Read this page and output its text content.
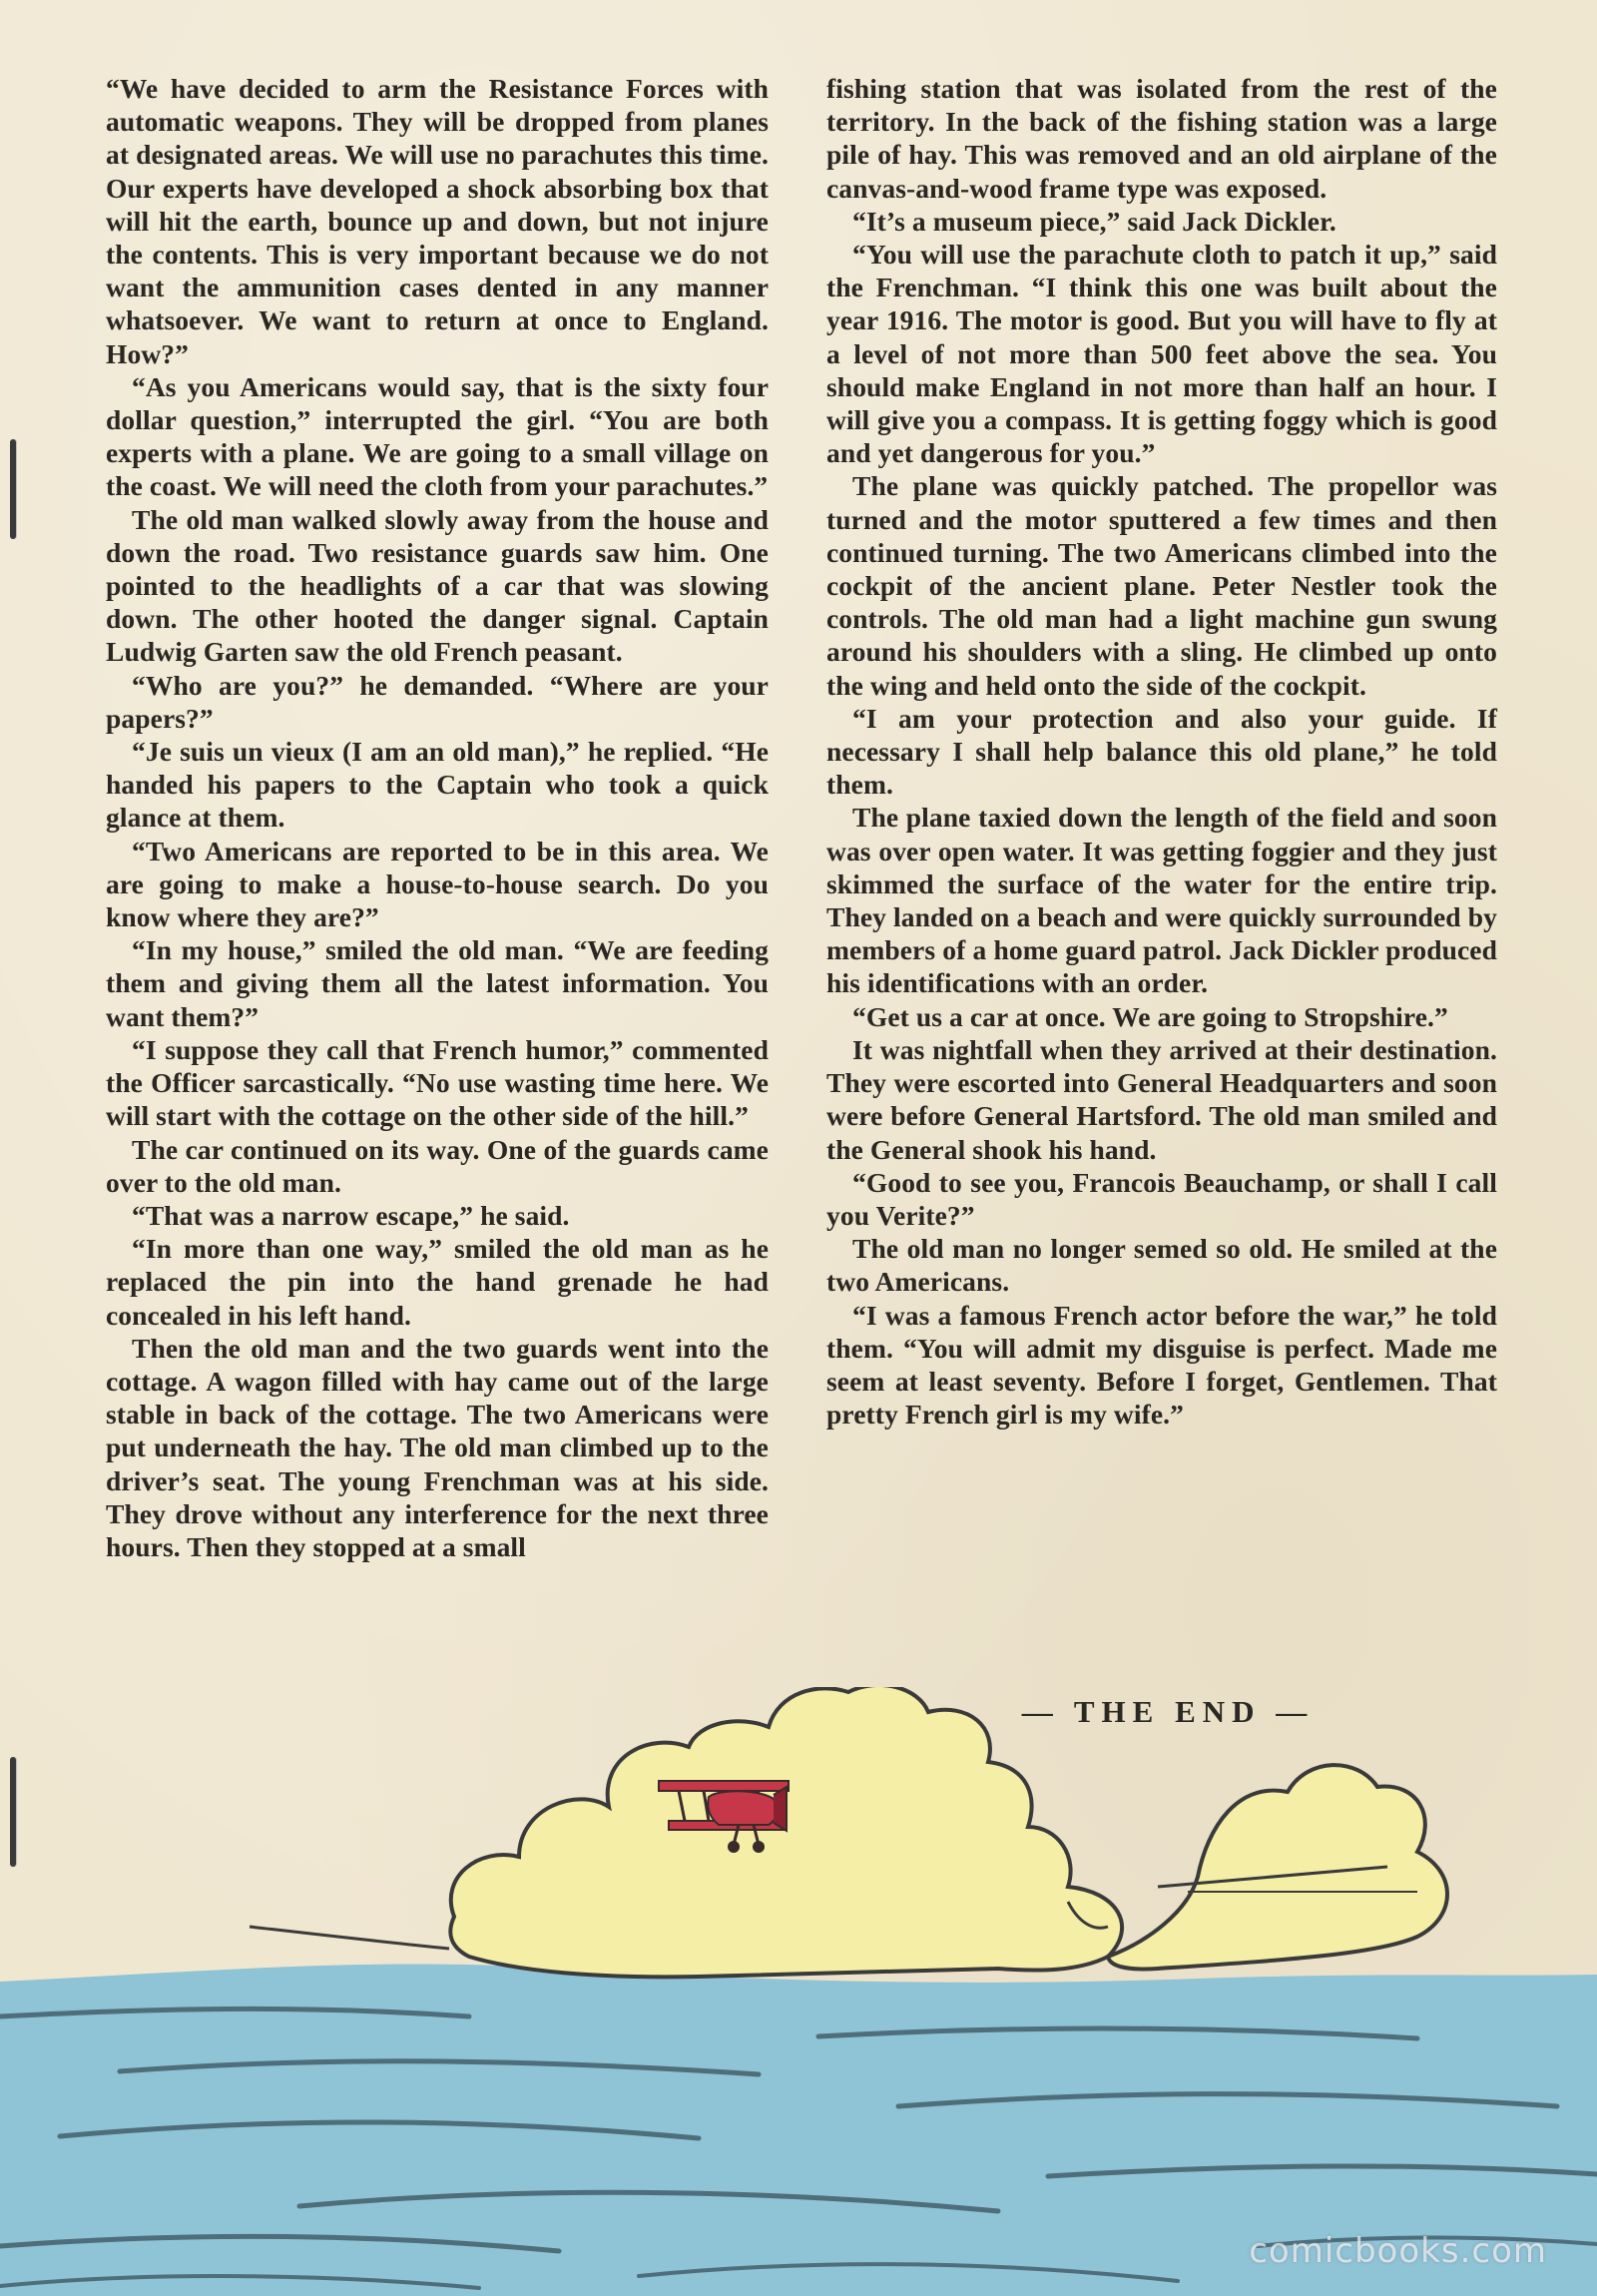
“We have decided to arm the Resistance Forces with automatic weapons. They will be dropped from planes at designated areas. We will use no parachutes this time. Our experts have developed a shock absorbing box that will hit the earth, bounce up and down, but not injure the contents. This is very important because we do not want the ammunition cases dented in any manner whatsoever. We want to return at once to England. How?”

“As you Americans would say, that is the sixty four dollar question,” interrupted the girl. “You are both experts with a plane. We are going to a small village on the coast. We will need the cloth from your parachutes.”

The old man walked slowly away from the house and down the road. Two resistance guards saw him. One pointed to the headlights of a car that was slowing down. The other hooted the danger signal. Captain Ludwig Garten saw the old French peasant.

“Who are you?” he demanded. “Where are your papers?”

“Je suis un vieux (I am an old man),” he replied. “He handed his papers to the Captain who took a quick glance at them.

“Two Americans are reported to be in this area. We are going to make a house-to-house search. Do you know where they are?”

“In my house,” smiled the old man. “We are feeding them and giving them all the latest information. You want them?”

“I suppose they call that French humor,” commented the Officer sarcastically. “No use wasting time here. We will start with the cottage on the other side of the hill.”

The car continued on its way. One of the guards came over to the old man.

“That was a narrow escape,” he said.

“In more than one way,” smiled the old man as he replaced the pin into the hand grenade he had concealed in his left hand.

Then the old man and the two guards went into the cottage. A wagon filled with hay came out of the large stable in back of the cottage. The two Americans were put underneath the hay. The old man climbed up to the driver’s seat. The young Frenchman was at his side. They drove without any interference for the next three hours. Then they stopped at a small

fishing station that was isolated from the rest of the territory. In the back of the fishing station was a large pile of hay. This was removed and an old airplane of the canvas-and-wood frame type was exposed.

“It’s a museum piece,” said Jack Dickler.

“You will use the parachute cloth to patch it up,” said the Frenchman. “I think this one was built about the year 1916. The motor is good. But you will have to fly at a level of not more than 500 feet above the sea. You should make England in not more than half an hour. I will give you a compass. It is getting foggy which is good and yet dangerous for you.”

The plane was quickly patched. The propellor was turned and the motor sputtered a few times and then continued turning. The two Americans climbed into the cockpit of the ancient plane. Peter Nestler took the controls. The old man had a light machine gun swung around his shoulders with a sling. He climbed up onto the wing and held onto the side of the cockpit.

“I am your protection and also your guide. If necessary I shall help balance this old plane,” he told them.

The plane taxied down the length of the field and soon was over open water. It was getting foggier and they just skimmed the surface of the water for the entire trip. They landed on a beach and were quickly surrounded by members of a home guard patrol. Jack Dickler produced his identifications with an order.

“Get us a car at once. We are going to Stropshire.”

It was nightfall when they arrived at their destination. They were escorted into General Headquarters and soon were before General Hartsford. The old man smiled and the General shook his hand.

“Good to see you, Francois Beauchamp, or shall I call you Verite?”

The old man no longer semed so old. He smiled at the two Americans.

“I was a famous French actor before the war,” he told them. “You will admit my disguise is perfect. Made me seem at least seventy. Before I forget, Gentlemen. That pretty French girl is my wife.”

— THE END —
comicbooks.com
